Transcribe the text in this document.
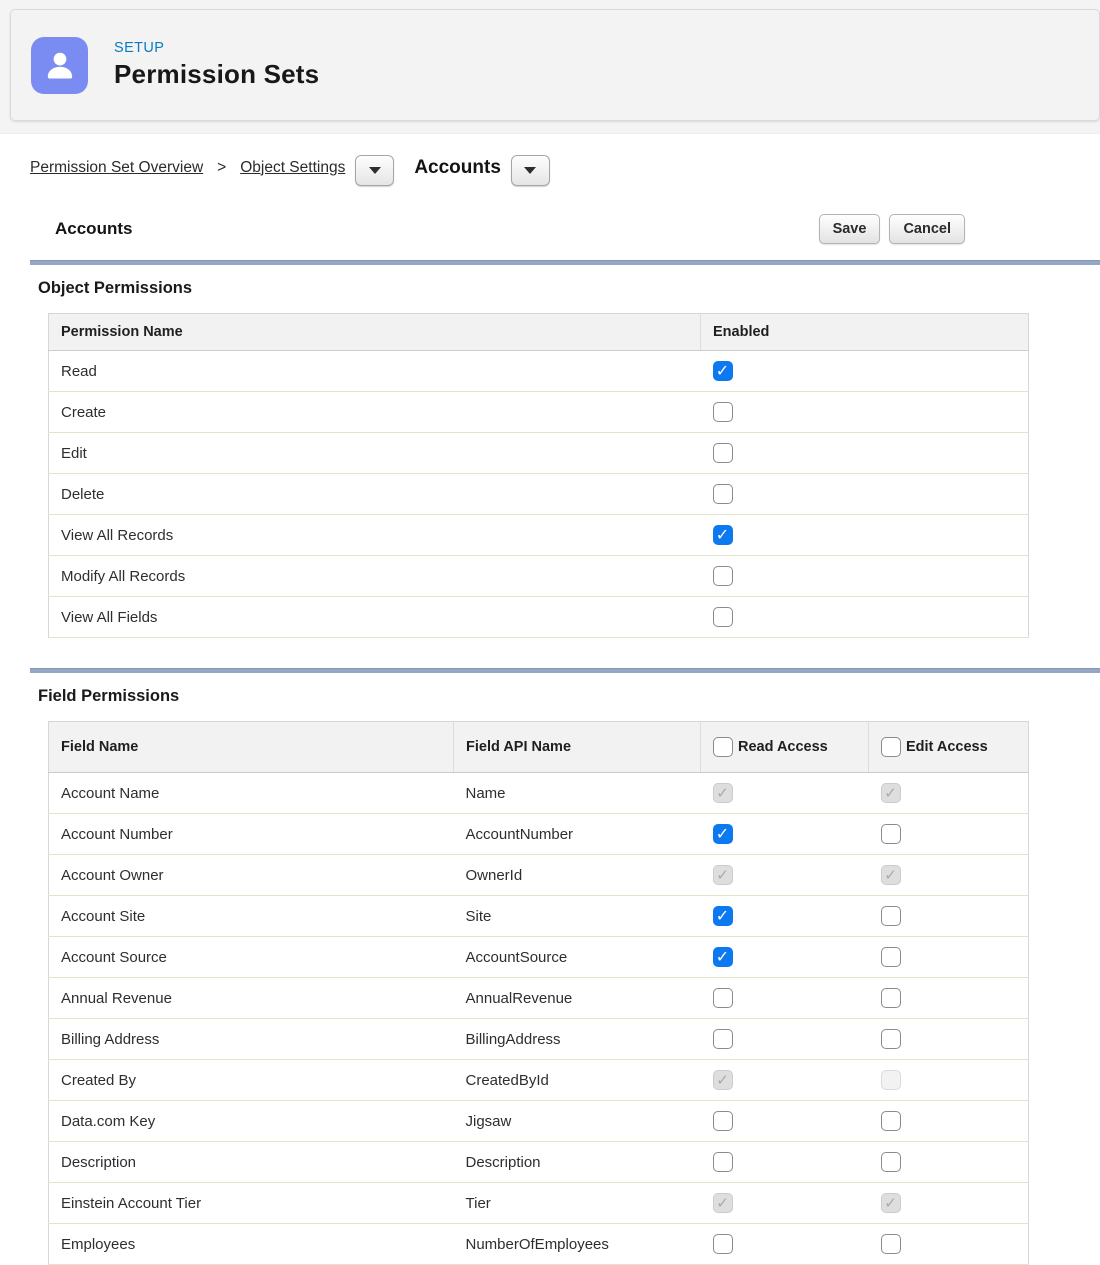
SETUP
Permission Sets
Permission Set Overview > Object Settings	Accounts
Accounts	Save	Cancel
Object Permissions
Permission Name	Enabled
Read	✓
Create	
Edit	
Delete	
View All Records	✓
Modify All Records	
View All Fields	
Field Permissions
Field Name	Field API Name	Read Access	Edit Access

Account Name	Name	✓	✓
Account Number	AccountNumber	✓	
Account Owner	OwnerId	✓	✓
Account Site	Site	✓	
Account Source	AccountSource	✓	
Annual Revenue	AnnualRevenue		
Billing Address	BillingAddress		
Created By	CreatedById	✓	
Data.com Key	Jigsaw		
Description	Description		
Einstein Account Tier	Tier	✓	✓
Employees	NumberOfEmployees		
